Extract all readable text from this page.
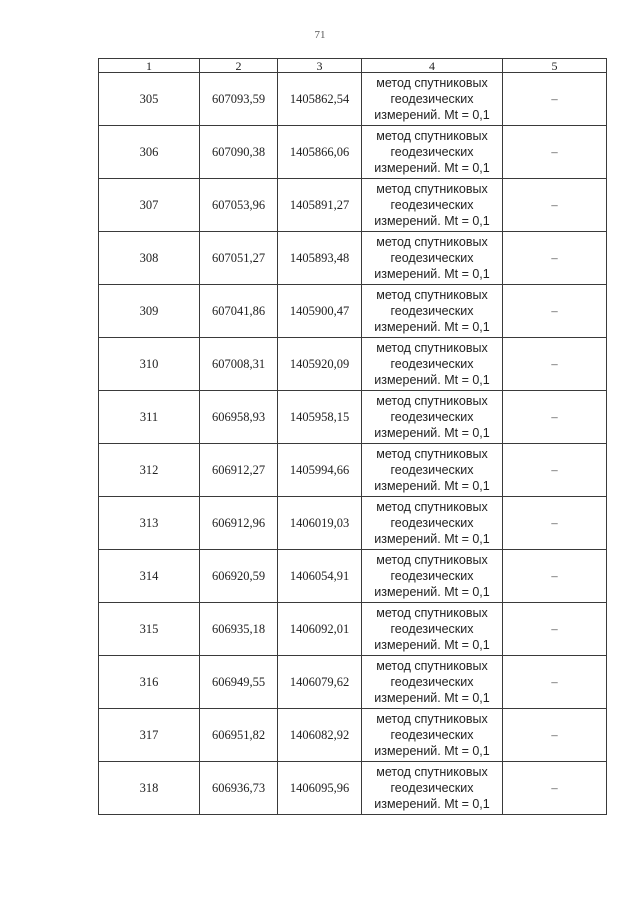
71
1	2	3	4	5
305	607093,59	1405862,54	метод спутниковых
геодезических
измерений. Mt = 0,1	–
306	607090,38	1405866,06	метод спутниковых
геодезических
измерений. Mt = 0,1	–
307	607053,96	1405891,27	метод спутниковых
геодезических
измерений. Mt = 0,1	–
308	607051,27	1405893,48	метод спутниковых
геодезических
измерений. Mt = 0,1	–
309	607041,86	1405900,47	метод спутниковых
геодезических
измерений. Mt = 0,1	–
310	607008,31	1405920,09	метод спутниковых
геодезических
измерений. Mt = 0,1	–
311	606958,93	1405958,15	метод спутниковых
геодезических
измерений. Mt = 0,1	–
312	606912,27	1405994,66	метод спутниковых
геодезических
измерений. Mt = 0,1	–
313	606912,96	1406019,03	метод спутниковых
геодезических
измерений. Mt = 0,1	–
314	606920,59	1406054,91	метод спутниковых
геодезических
измерений. Mt = 0,1	–
315	606935,18	1406092,01	метод спутниковых
геодезических
измерений. Mt = 0,1	–
316	606949,55	1406079,62	метод спутниковых
геодезических
измерений. Mt = 0,1	–
317	606951,82	1406082,92	метод спутниковых
геодезических
измерений. Mt = 0,1	–
318	606936,73	1406095,96	метод спутниковых
геодезических
измерений. Mt = 0,1	–
